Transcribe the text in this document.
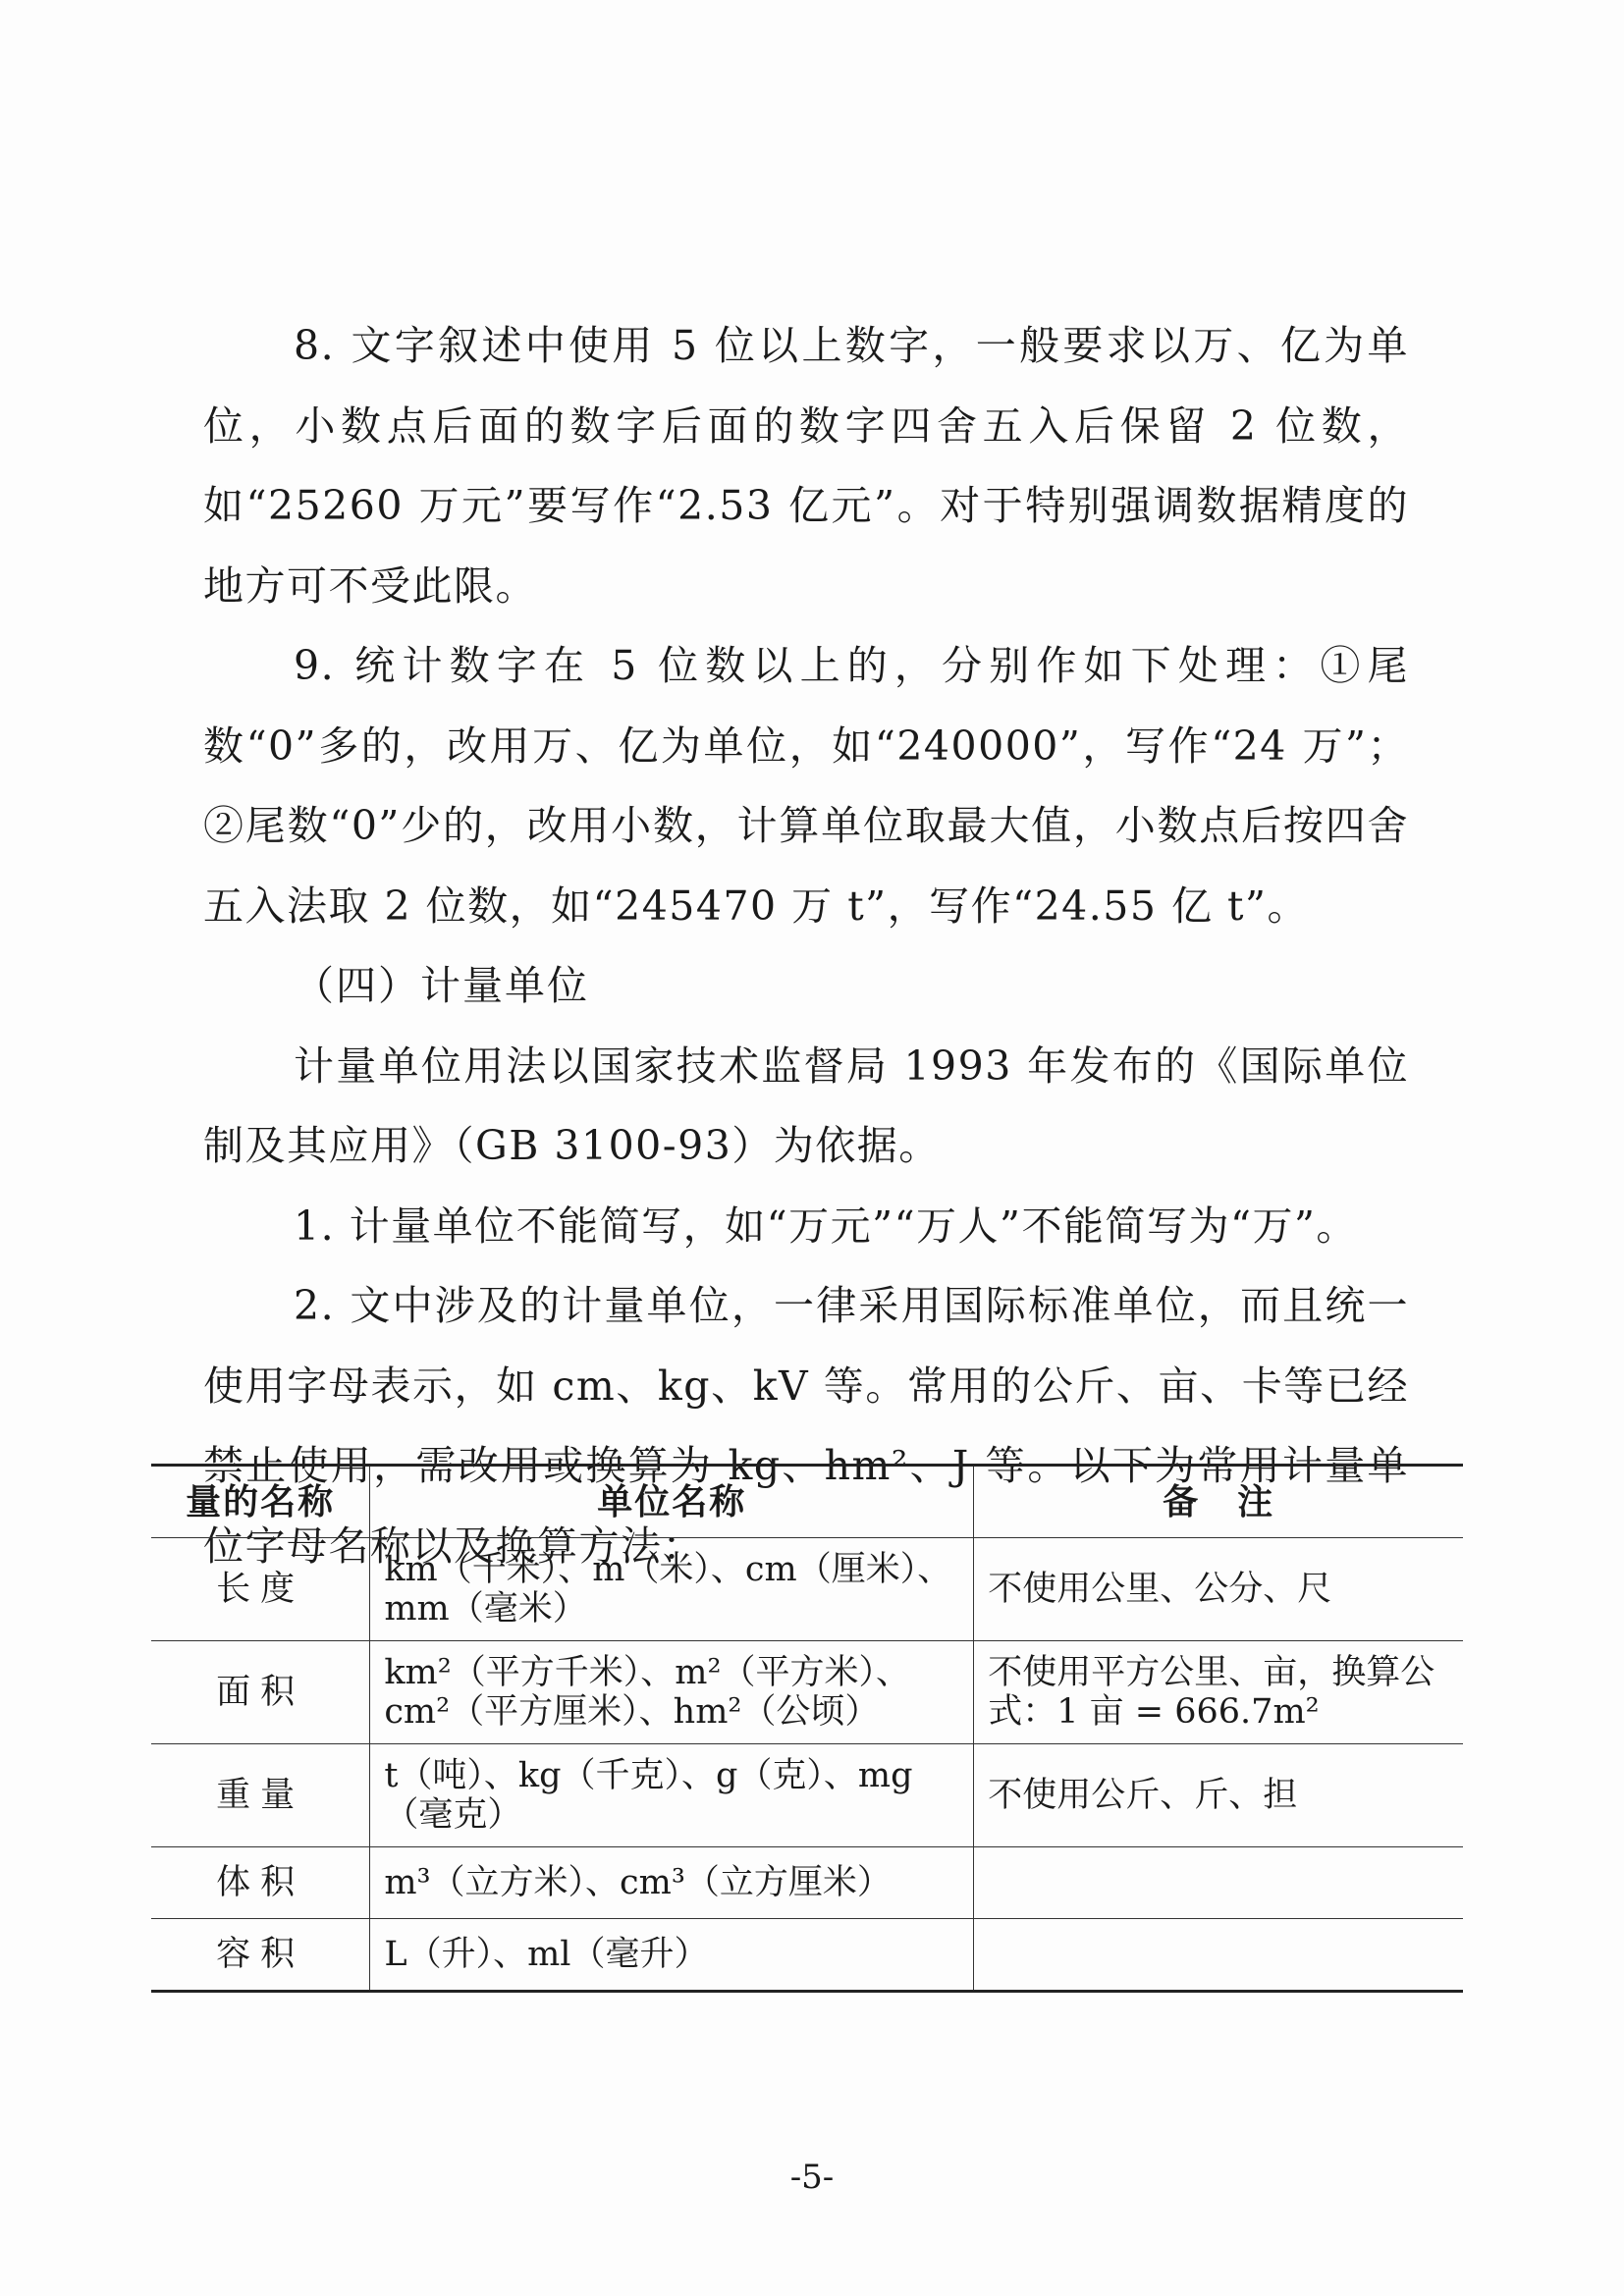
8. 文字叙述中使用 5 位以上数字，一般要求以万、亿为单位，小数点后面的数字后面的数字四舍五入后保留 2 位数，如“25260 万元”要写作“2.53 亿元”。对于特别强调数据精度的地方可不受此限。

9. 统计数字在 5 位数以上的，分别作如下处理：①尾数“0”多的，改用万、亿为单位，如“240000”，写作“24 万”；②尾数“0”少的，改用小数，计算单位取最大值，小数点后按四舍五入法取 2 位数，如“245470 万 t”，写作“24.55 亿 t”。

（四）计量单位

计量单位用法以国家技术监督局 1993 年发布的《国际单位制及其应用》（GB 3100-93）为依据。

1. 计量单位不能简写，如“万元”“万人”不能简写为“万”。

2. 文中涉及的计量单位，一律采用国际标准单位，而且统一使用字母表示，如 cm、kg、kV 等。常用的公斤、亩、卡等已经禁止使用，需改用或换算为 kg、hm²、J 等。以下为常用计量单位字母名称以及换算方法：

量的名称	单位名称	备　注
长度	km（千米）、m（米）、cm（厘米）、mm（毫米）	不使用公里、公分、尺
面积	km²（平方千米）、m²（平方米）、cm²（平方厘米）、hm²（公顷）	不使用平方公里、亩，换算公式：1 亩 = 666.7m²
重量	t（吨）、kg（千克）、g（克）、mg（毫克）	不使用公斤、斤、担
体积	m³（立方米）、cm³（立方厘米）	
容积	L（升）、ml（毫升）	
-5-
